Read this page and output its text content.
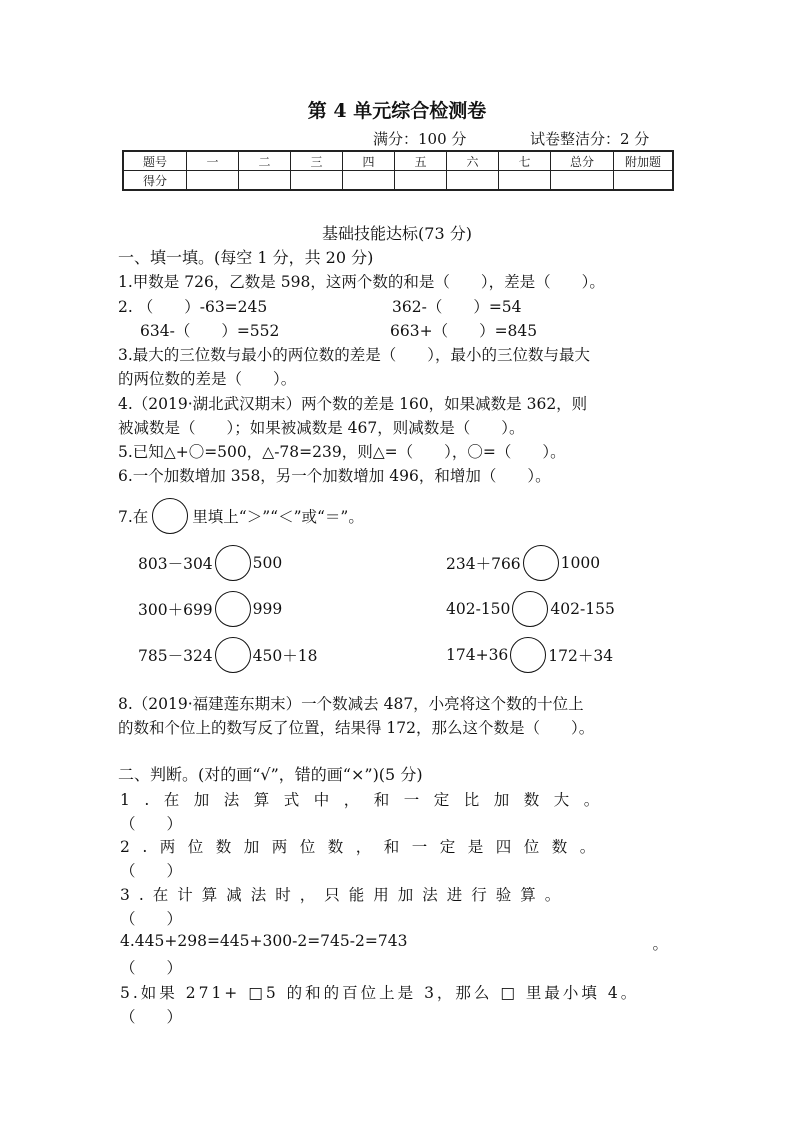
第 4 单元综合检测卷
满分：100 分	试卷整洁分：2 分
题号	一	二	三	四	五	六	七	总分	附加题
得分									
基础技能达标(73 分)
一、填一填。(每空 1 分，共 20 分)
1.甲数是 726，乙数是 598，这两个数的和是（　　），差是（　　）。
2. （　　）-63=245	362-（　　）=54
634-（　　）=552	663+（　　）=845
3.最大的三位数与最小的两位数的差是（　　），最小的三位数与最大
的两位数的差是（　　）。
4.（2019·湖北武汉期末）两个数的差是 160，如果减数是 362，则
被减数是（　　）；如果被减数是 467，则减数是（　　）。
5.已知△+〇=500，△-78=239，则△=（　　），〇=（　　）。
6.一个加数增加 358，另一个加数增加 496，和增加（　　）。
7.在	里填上“＞”“＜”或“＝”。
803－304	500	234＋766	1000
300＋699	999	402-150	402-155
785－324	450＋18	174+36	172＋34
8.（2019·福建莲东期末）一个数减去 487，小亮将这个数的十位上
的数和个位上的数写反了位置，结果得 172，那么这个数是（　　）。
二、判断。(对的画“√”，错的画“×”)(5 分)
1.在加法算式中，和一定比加数大。
（　　）
2.两位数加两位数，和一定是四位数。
（　　）
3.在计算减法时，只能用加法进行验算。
（　　）
4.445+298=445+300-2=745-2=743	。
（　　）
5.如果 271+ □5 的和的百位上是 3，那么 □ 里最小填 4。
（　　）
